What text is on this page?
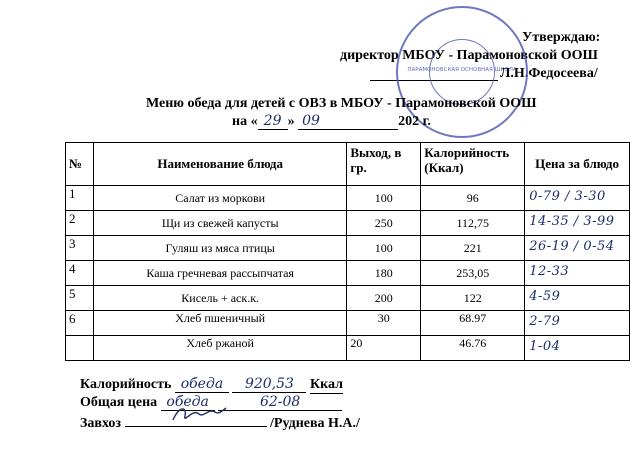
Утверждаю:
директор МБОУ - Парамоновской ООШ
Л.Н.Федосеева/
ПАРАМОНОВСКАЯ ОСНОВНАЯ ШКОЛА
Меню обеда для детей с ОВЗ в МБОУ - Парамоновской ООШ
на « 29 » 09	202 г.
№	Наименование блюда	Выход, в гр.	Калорийность (Ккал)	Цена за блюдо
1	Салат из моркови	100	96	0-79 / 3-30

2	Щи из свежей капусты	250	112,75	14-35 / 3-99

3	Гуляш из мяса птицы	100	221	26-19 / 0-54

4	Каша гречневая рассыпчатая	180	253,05	12-33

5	Кисель + аск.к.	200	122	4-59

6	Хлеб пшеничный	30	68.97	2-79

	Хлеб ржаной	20	46.76	1-04
Калорийность обеда 920,53 Ккал
Общая цена обеда	62-08
Завхоз	/Руднева Н.А./
